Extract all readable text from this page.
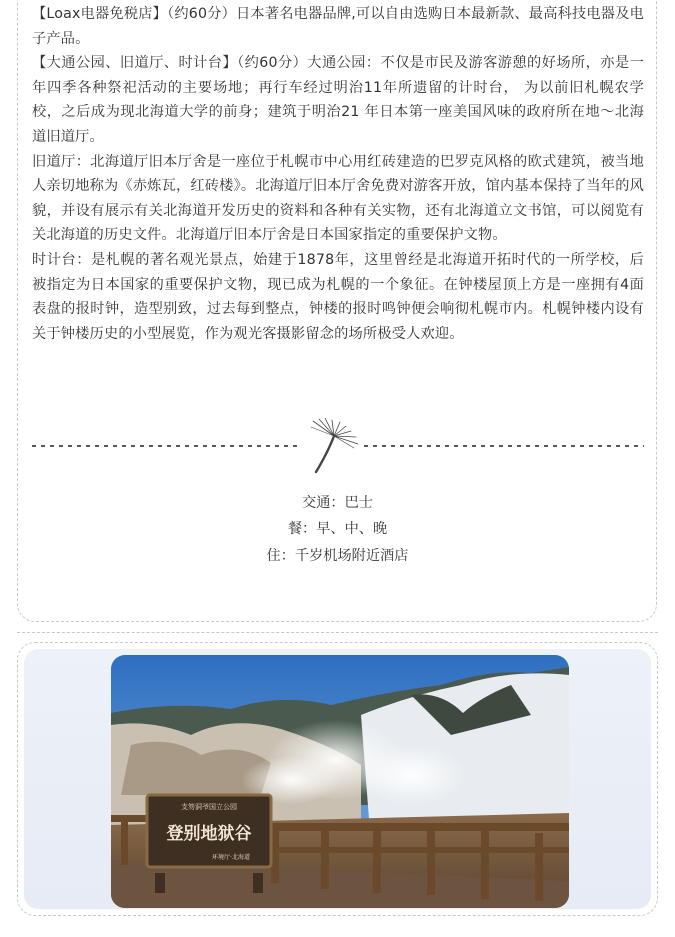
【Loax电器免税店】（约60分）日本著名电器品牌,可以自由选购日本最新款、最高科技电器及电子产品。

【大通公园、旧道厅、时计台】（约60分）大通公园：不仅是市民及游客游憩的好场所，亦是一年四季各种祭祀活动的主要场地；再行车经过明治11年所遗留的计时台， 为以前旧札幌农学校，之后成为现北海道大学的前身；建筑于明治21 年日本第一座美国风味的政府所在地～北海道旧道厅。

旧道厅：北海道厅旧本厅舍是一座位于札幌市中心用红砖建造的巴罗克风格的欧式建筑，被当地人亲切地称为《赤炼瓦，红砖楼》。北海道厅旧本厅舍免费对游客开放，馆内基本保持了当年的风貌，并设有展示有关北海道开发历史的资料和各种有关实物，还有北海道立文书馆，可以阅览有关北海道的历史文件。北海道厅旧本厅舍是日本国家指定的重要保护文物。

时计台：是札幌的著名观光景点，始建于1878年，这里曾经是北海道开拓时代的一所学校，后被指定为日本国家的重要保护文物，现已成为札幌的一个象征。在钟楼屋顶上方是一座拥有4面表盘的报时钟，造型别致，过去每到整点，钟楼的报时鸣钟便会响彻札幌市内。札幌钟楼内设有关于钟楼历史的小型展览，作为观光客摄影留念的场所极受人欢迎。

交通：巴士
餐：早、中、晚
住：千岁机场附近酒店
支笏洞爷国立公园
登别地狱谷
环境厅·北海道
